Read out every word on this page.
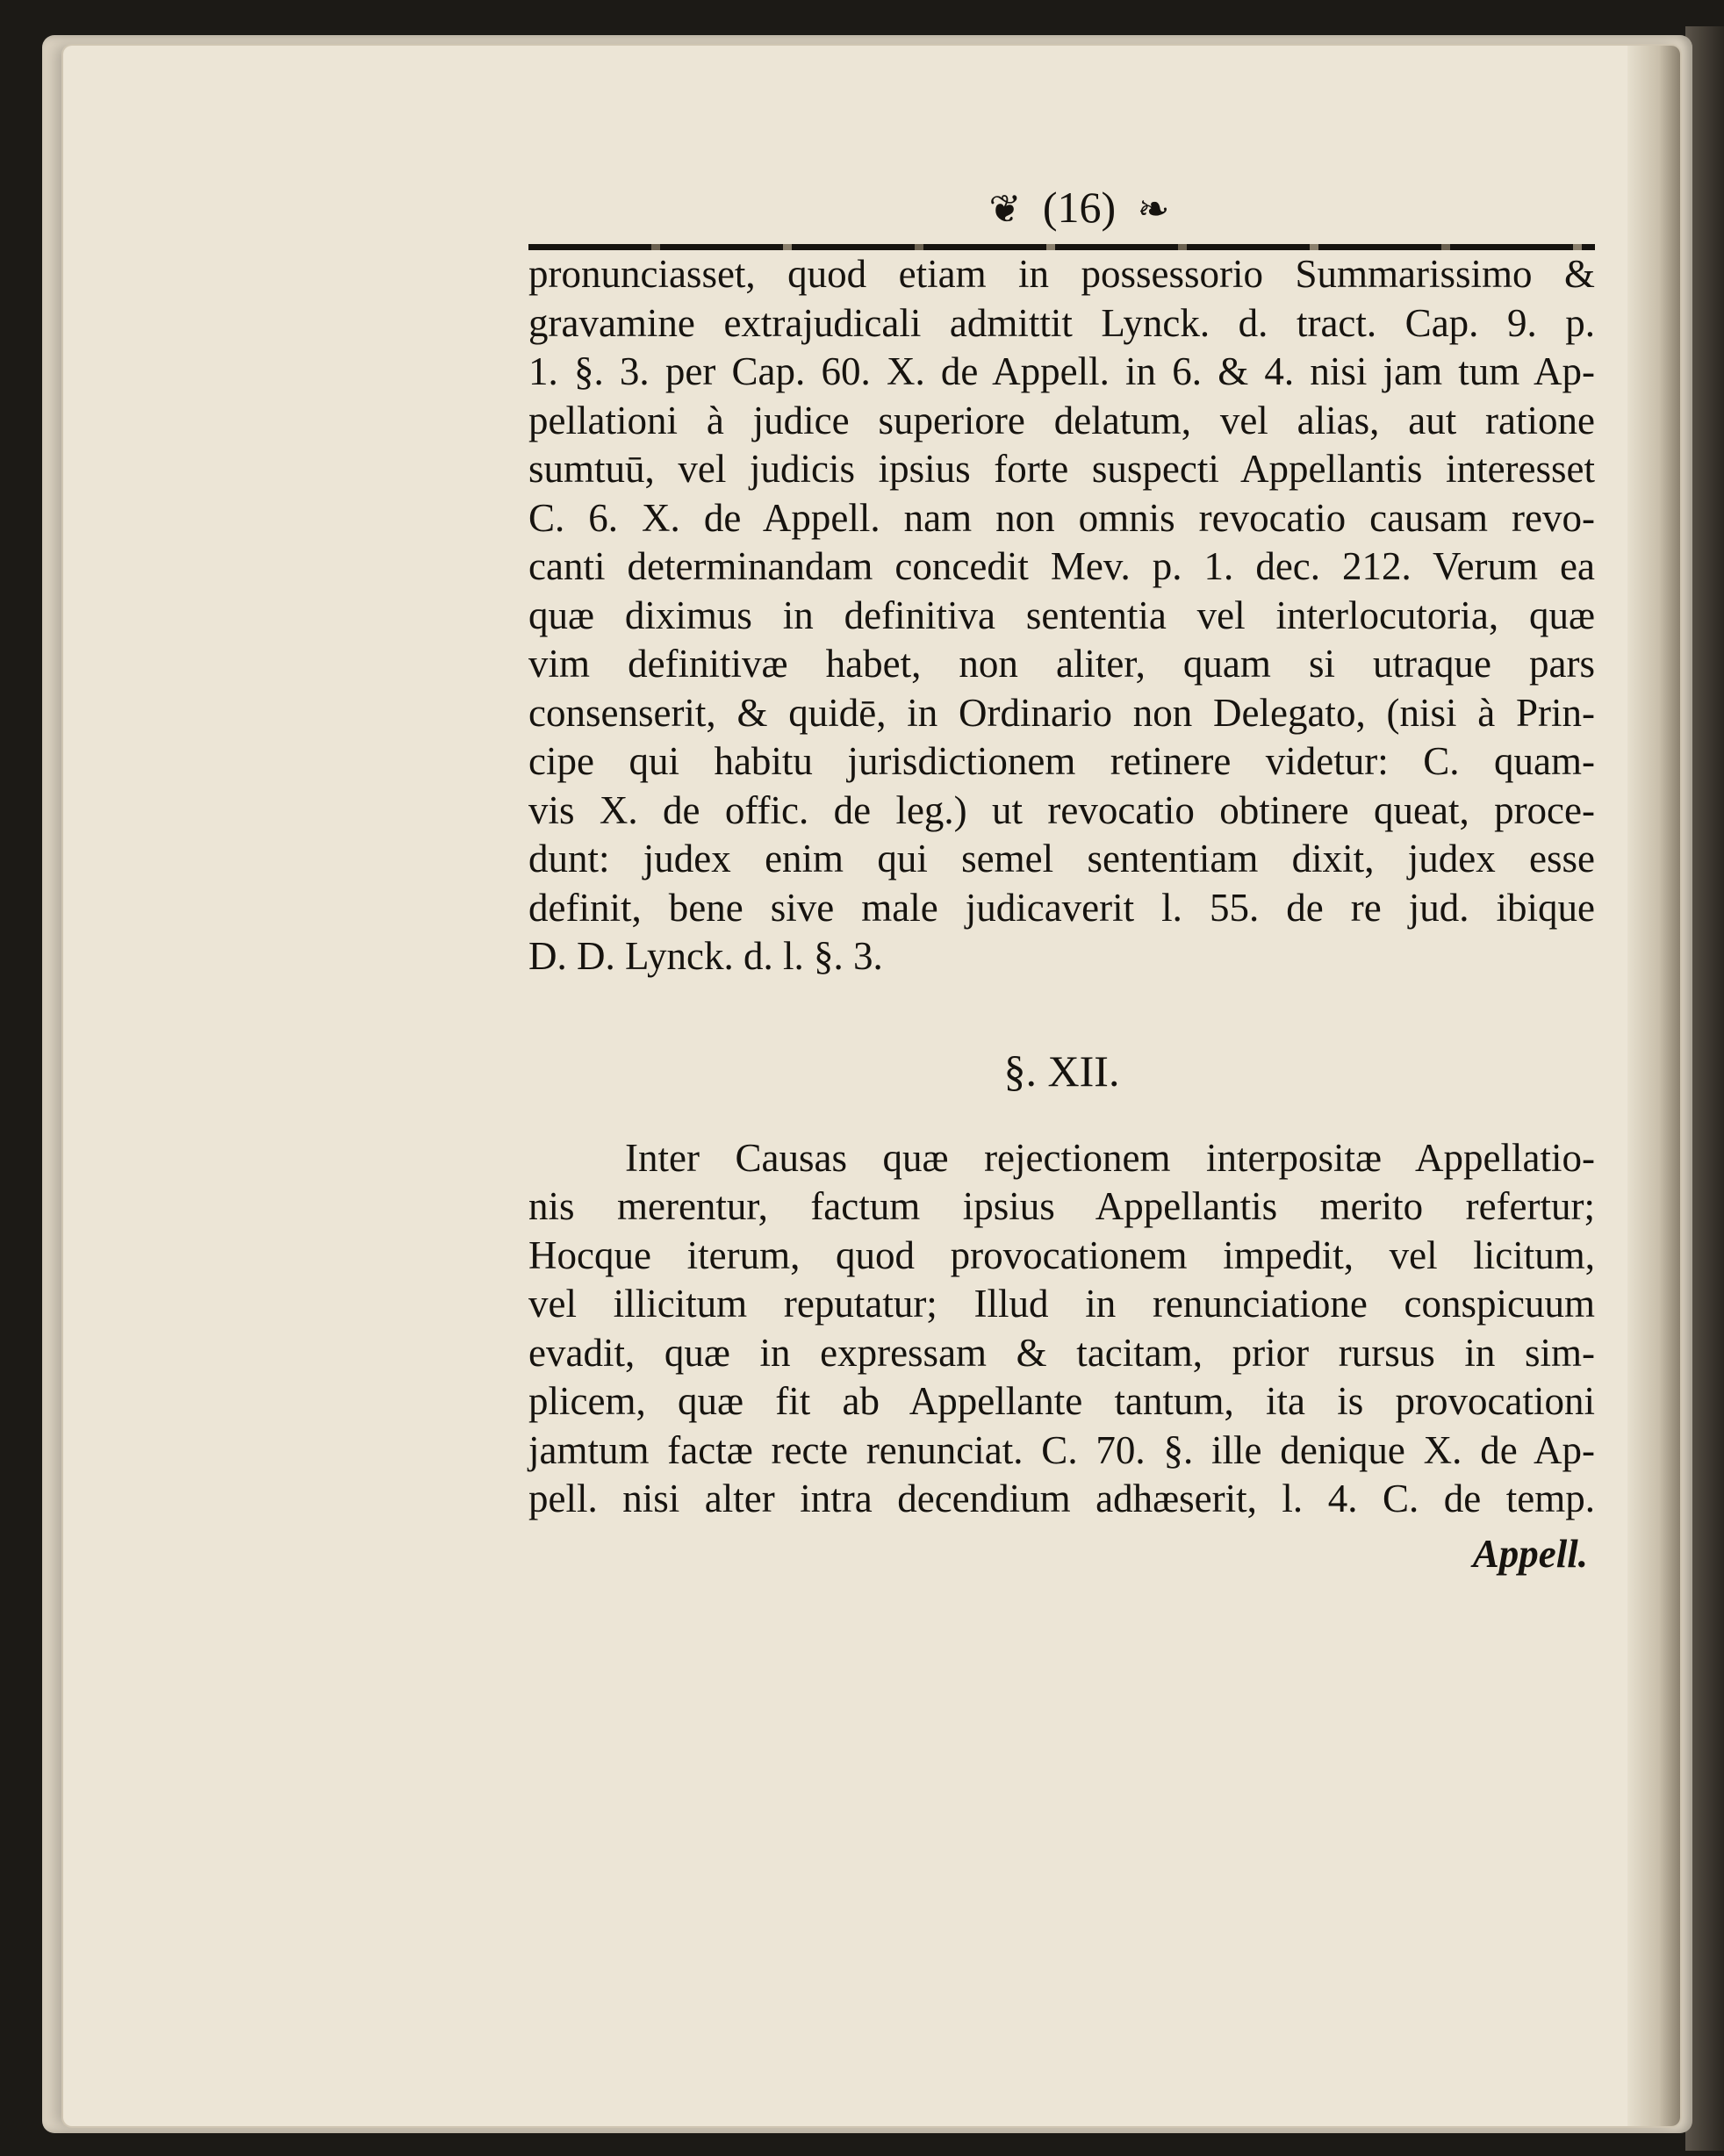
❦ (16) ❧
pronunciasset, quod etiam in possessorio Summarissimo &
gravamine extrajudicali admittit Lynck. d. tract. Cap. 9. p.
1. §. 3. per Cap. 60. X. de Appell. in 6. & 4. nisi jam tum Ap-
pellationi à judice superiore delatum, vel alias, aut ratione
sumtuū, vel judicis ipsius forte suspecti Appellantis interesset
C. 6. X. de Appell. nam non omnis revocatio causam revo-
canti determinandam concedit Mev. p. 1. dec. 212. Verum ea
quæ diximus in definitiva sententia vel interlocutoria, quæ
vim definitivæ habet, non aliter, quam si utraque pars
consenserit, & quidē, in Ordinario non Delegato, (nisi à Prin-
cipe qui habitu jurisdictionem retinere videtur: C. quam-
vis X. de offic. de leg.) ut revocatio obtinere queat, proce-
dunt: judex enim qui semel sententiam dixit, judex esse
definit, bene sive male judicaverit l. 55. de re jud. ibique
D. D. Lynck. d. l. §. 3.
§. XII.
Inter Causas quæ rejectionem interpositæ Appellatio-
nis merentur, factum ipsius Appellantis merito refertur;
Hocque iterum, quod provocationem impedit, vel licitum,
vel illicitum reputatur; Illud in renunciatione conspicuum
evadit, quæ in expressam & tacitam, prior rursus in sim-
plicem, quæ fit ab Appellante tantum, ita is provocationi
jamtum factæ recte renunciat. C. 70. §. ille denique X. de Ap-
pell. nisi alter intra decendium adhæserit, l. 4. C. de temp.
Appell.
